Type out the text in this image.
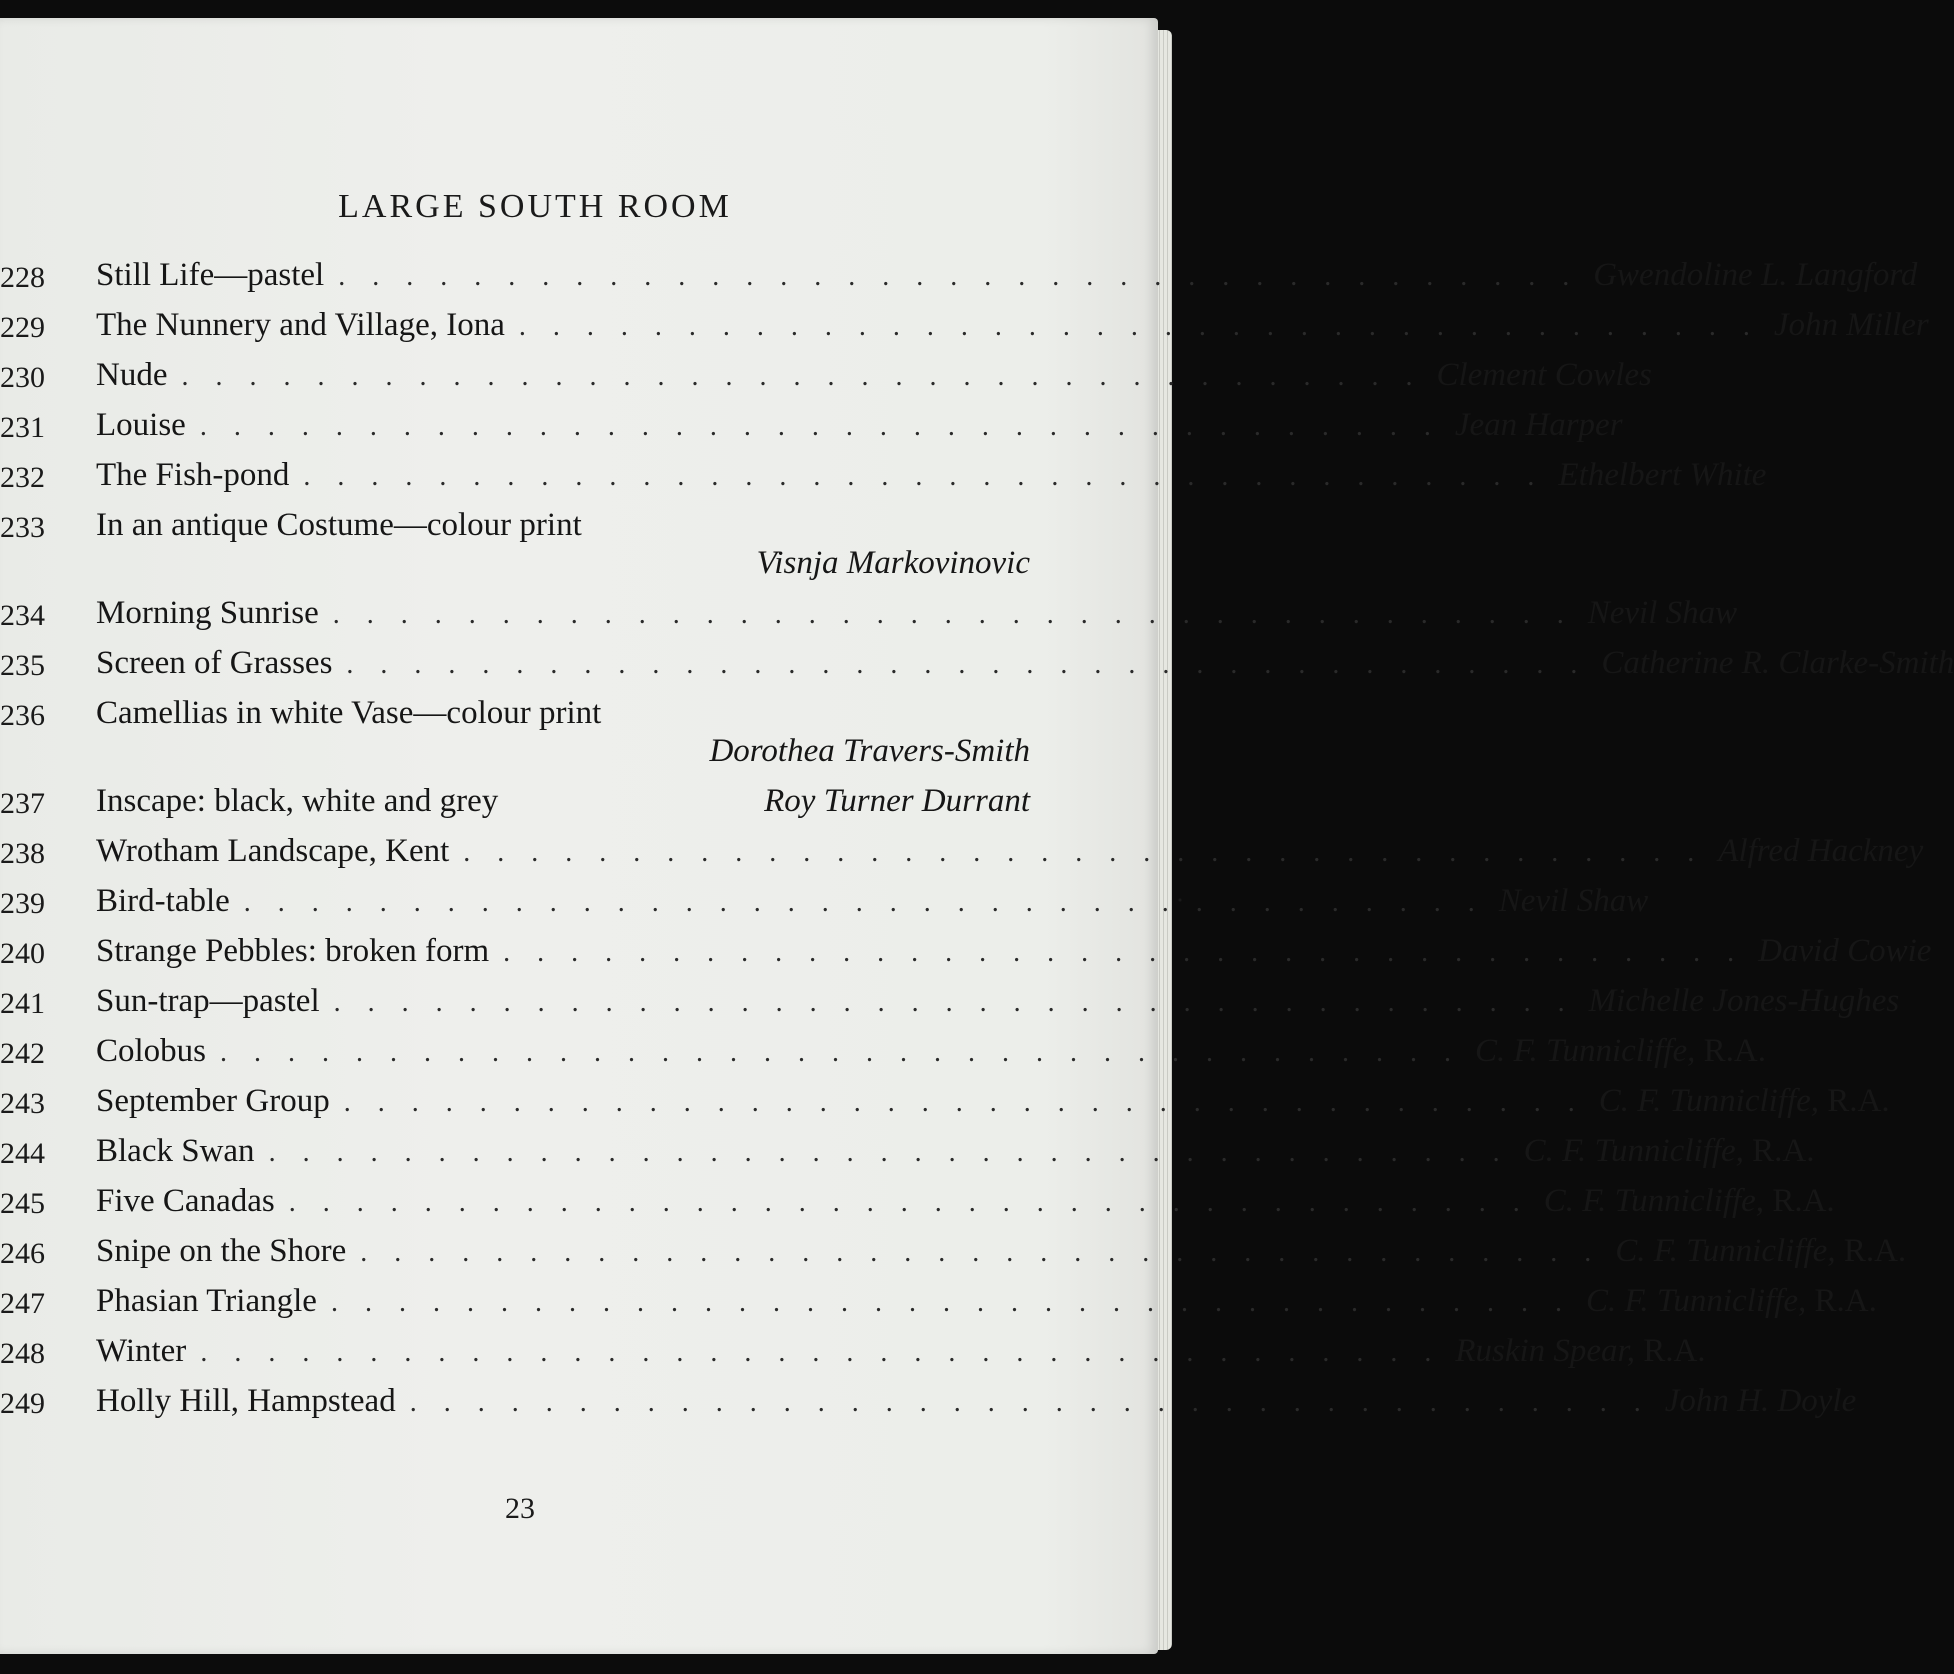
LARGE SOUTH ROOM
228	Still Life—pastel . . . . . . . . . . . . . . . . . . . . . . . . . . . . . . . . . . . . . Gwendoline L. Langford
229	The Nunnery and Village, Iona . . . . . . . . . . . . . . . . . . . . . . . . . . . . . . . . . . . . . John Miller
230	Nude . . . . . . . . . . . . . . . . . . . . . . . . . . . . . . . . . . . . . Clement Cowles
231	Louise . . . . . . . . . . . . . . . . . . . . . . . . . . . . . . . . . . . . . Jean Harper
232	The Fish-pond . . . . . . . . . . . . . . . . . . . . . . . . . . . . . . . . . . . . . Ethelbert White
233	In an antique Costume—colour print
Visnja Markovinovic
234	Morning Sunrise . . . . . . . . . . . . . . . . . . . . . . . . . . . . . . . . . . . . . Nevil Shaw
235	Screen of Grasses . . . . . . . . . . . . . . . . . . . . . . . . . . . . . . . . . . . . . Catherine R. Clarke-Smith
236	Camellias in white Vase—colour print
Dorothea Travers-Smith
237	Inscape: black, white and grey	Roy Turner Durrant
238	Wrotham Landscape, Kent . . . . . . . . . . . . . . . . . . . . . . . . . . . . . . . . . . . . . Alfred Hackney
239	Bird-table . . . . . . . . . . . . . . . . . . . . . . . . . . . . . . . . . . . . . Nevil Shaw
240	Strange Pebbles: broken form . . . . . . . . . . . . . . . . . . . . . . . . . . . . . . . . . . . . . David Cowie
241	Sun-trap—pastel . . . . . . . . . . . . . . . . . . . . . . . . . . . . . . . . . . . . . Michelle Jones-Hughes
242	Colobus . . . . . . . . . . . . . . . . . . . . . . . . . . . . . . . . . . . . . C. F. Tunnicliffe, R.A.
243	September Group . . . . . . . . . . . . . . . . . . . . . . . . . . . . . . . . . . . . . C. F. Tunnicliffe, R.A.
244	Black Swan . . . . . . . . . . . . . . . . . . . . . . . . . . . . . . . . . . . . . C. F. Tunnicliffe, R.A.
245	Five Canadas . . . . . . . . . . . . . . . . . . . . . . . . . . . . . . . . . . . . . C. F. Tunnicliffe, R.A.
246	Snipe on the Shore . . . . . . . . . . . . . . . . . . . . . . . . . . . . . . . . . . . . . C. F. Tunnicliffe, R.A.
247	Phasian Triangle . . . . . . . . . . . . . . . . . . . . . . . . . . . . . . . . . . . . . C. F. Tunnicliffe, R.A.
248	Winter . . . . . . . . . . . . . . . . . . . . . . . . . . . . . . . . . . . . . Ruskin Spear, R.A.
249	Holly Hill, Hampstead . . . . . . . . . . . . . . . . . . . . . . . . . . . . . . . . . . . . . John H. Doyle
23
